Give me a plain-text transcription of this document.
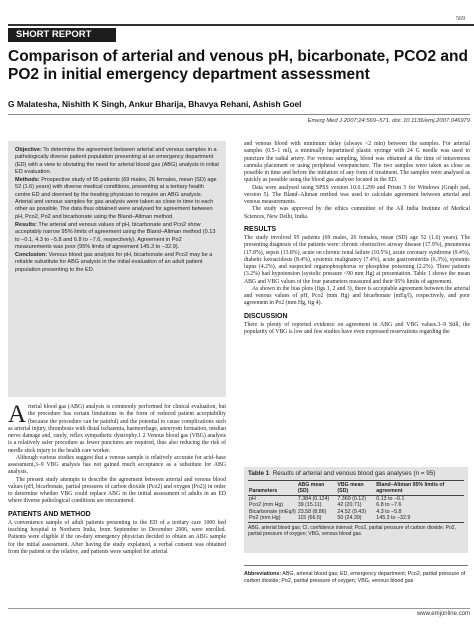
569
SHORT REPORT
Comparison of arterial and venous pH, bicarbonate, PCO2 and PO2 in initial emergency department assessment
G Malatesha, Nishith K Singh, Ankur Bharija, Bhavya Rehani, Ashish Goel
Emerg Med J 2007;24:569–571. doi: 10.1136/emj.2007.046979

Objective: To determine the agreement between arterial and venous samples in a pathologically diverse patient population presenting at an emergency department (ED) with a view to obviating the need for arterial blood gas (ABG) analysis in initial ED evaluation.

Methods: Prospective study of 95 patients (69 males, 26 females, mean (SD) age 52 (1.6) years) with diverse medical conditions, presenting at a tertiary health centre ED and deemed by the treating physician to require an ABG analysis. Arterial and venous samples for gas analysis were taken as close in time to each other as possible. The data thus obtained were analysed for agreement between pH, Pco2, Po2 and bicarbonate using the Bland–Altman method.

Results: The arterial and venous values of pH, bicarbonate and Pco2 show acceptably narrow 95% limits of agreement using the Bland–Altman method (0.13 to −0.1, 4.3 to −5.8 and 6.8 to −7.6, respectively). Agreement in Po2 measurements was poor (95% limits of agreement 145.3 to −32.9).

Conclusion: Venous blood gas analysis for pH, bicarbonate and Pco2 may be a reliable substitute for ABG analysis in the initial evaluation of an adult patient population presenting to the ED.

Arterial blood gas (ABG) analysis is commonly performed for clinical evaluation, but the procedure has certain limitations in the form of reduced patient acceptability (because the procedure can be painful) and the potential to cause complications such as arterial injury, thrombosis with distal ischaemia, haemorrhage, aneurysm formation, median nerve damage and, rarely, reflex sympathetic dystrophy.1 2 Venous blood gas (VBG) analysis is a relatively safer procedure as fewer punctures are required, thus also reducing the risk of needle stick injury to the health care worker.

Although various studies suggest that a venous sample is relatively accurate for acid–base assessment,3–9 VBG analysis has not gained much acceptance as a substitute for ABG analysis.

The present study attempts to describe the agreement between arterial and venous blood values (pH, bicarbonate, partial pressures of carbon dioxide (Pco2) and oxygen (Po2)) in order to determine whether VBG could replace ABG in the initial assessment of adults in an ED where diverse pathological conditions are encountered.

PATIENTS AND METHOD

A convenience sample of adult patients presenting to the ED of a tertiary care 1000 bed teaching hospital in Northern India, from September to December 2006, were enrolled. Patients were eligible if the on-duty emergency physician decided to obtain an ABG sample for the initial assessment. After having the study explained, a verbal consent was obtained from the patient or the relative, and patients were sampled for arterial

and venous blood with minimum delay (always <2 min) between the samples. For arterial samples (0.5–1 ml), a minimally heparinised plastic syringe with 24 G needle was used to puncture the radial artery. For venous sampling, blood was obtained at the time of intravenous cannula placement or using peripheral venepuncture. The two samples were taken as close as possible in time and before the initiation of any form of treatment. The samples were analysed as quickly as possible using the blood gas analyser located in the ED.

Data were analysed using SPSS version 10.0.1.299 and Prism 5 for Windows (Graph pad, version 5). The Bland–Altman method was used to calculate agreement between arterial and venous measurements.

The study was approved by the ethics committee of the All India Institute of Medical Sciences, New Delhi, India.

RESULTS

The study involved 95 patients (69 males, 26 females, mean (SD) age 52 (1.6) years). The presenting diagnosis of the patients were: chronic obstructive airway disease (17.9%), pneumonia (17.8%), sepsis (13.8%), acute on chronic renal failure (10.5%), acute coronary syndrome (9.4%), diabetic ketoacidosis (8.4%), systemic malignancy (7.4%), acute gastroenteritis (6.3%), systemic lupus (4.2%), and suspected organophosphorus or phosphine poisoning (2.2%). Three patients (3.2%) had hypotension (systolic pressure <90 mm Hg) at presentation. Table 1 shows the mean ABG and VBG values of the four parameters measured and their 95% limits of agreement.

As shown in the bias plots (figs 1, 2 and 3), there is acceptable agreement between the arterial and venous values of pH, Pco2 (mm Hg) and bicarbonate (mEq/l), respectively, and poor agreement in Po2 (mm Hg, fig 4).

DISCUSSION

There is plenty of reported evidence on agreement in ABG and VBG values.3–9 Still, the popularity of VBG is low and few studies have even expressed reservations regarding the

Table 1 Results of arterial and venous blood gas analyses (n = 95)
Parameters	ABG mean (SD)	VBG mean (SD)	Bland–Altman 95% limits of agreement
pH	7.384 (0.124)	7.369 (0.12)	0.13 to −0.1
Pco2 (mm Hg)	39 (15.11)	42 (20.71)	6.8 to −7.6
Bicarbonate (mEq/l)	23.58 (8.86)	24.52 (9.43)	4.3 to −5.8
Po2 (mm Hg)	115 (66.5)	50 (24.39)	145.3 to −32.9
ABG, arterial blood gas; CI, confidence interval; Pco2, partial pressure of carbon dioxide; Po2, partial pressure of oxygen; VBG, venous blood gas.
Abbreviations: ABG, arterial blood gas; ED, emergency department; Pco2, partial pressure of carbon dioxide; Po2, partial pressure of oxygen; VBG, venous blood gas
www.emjonline.com
